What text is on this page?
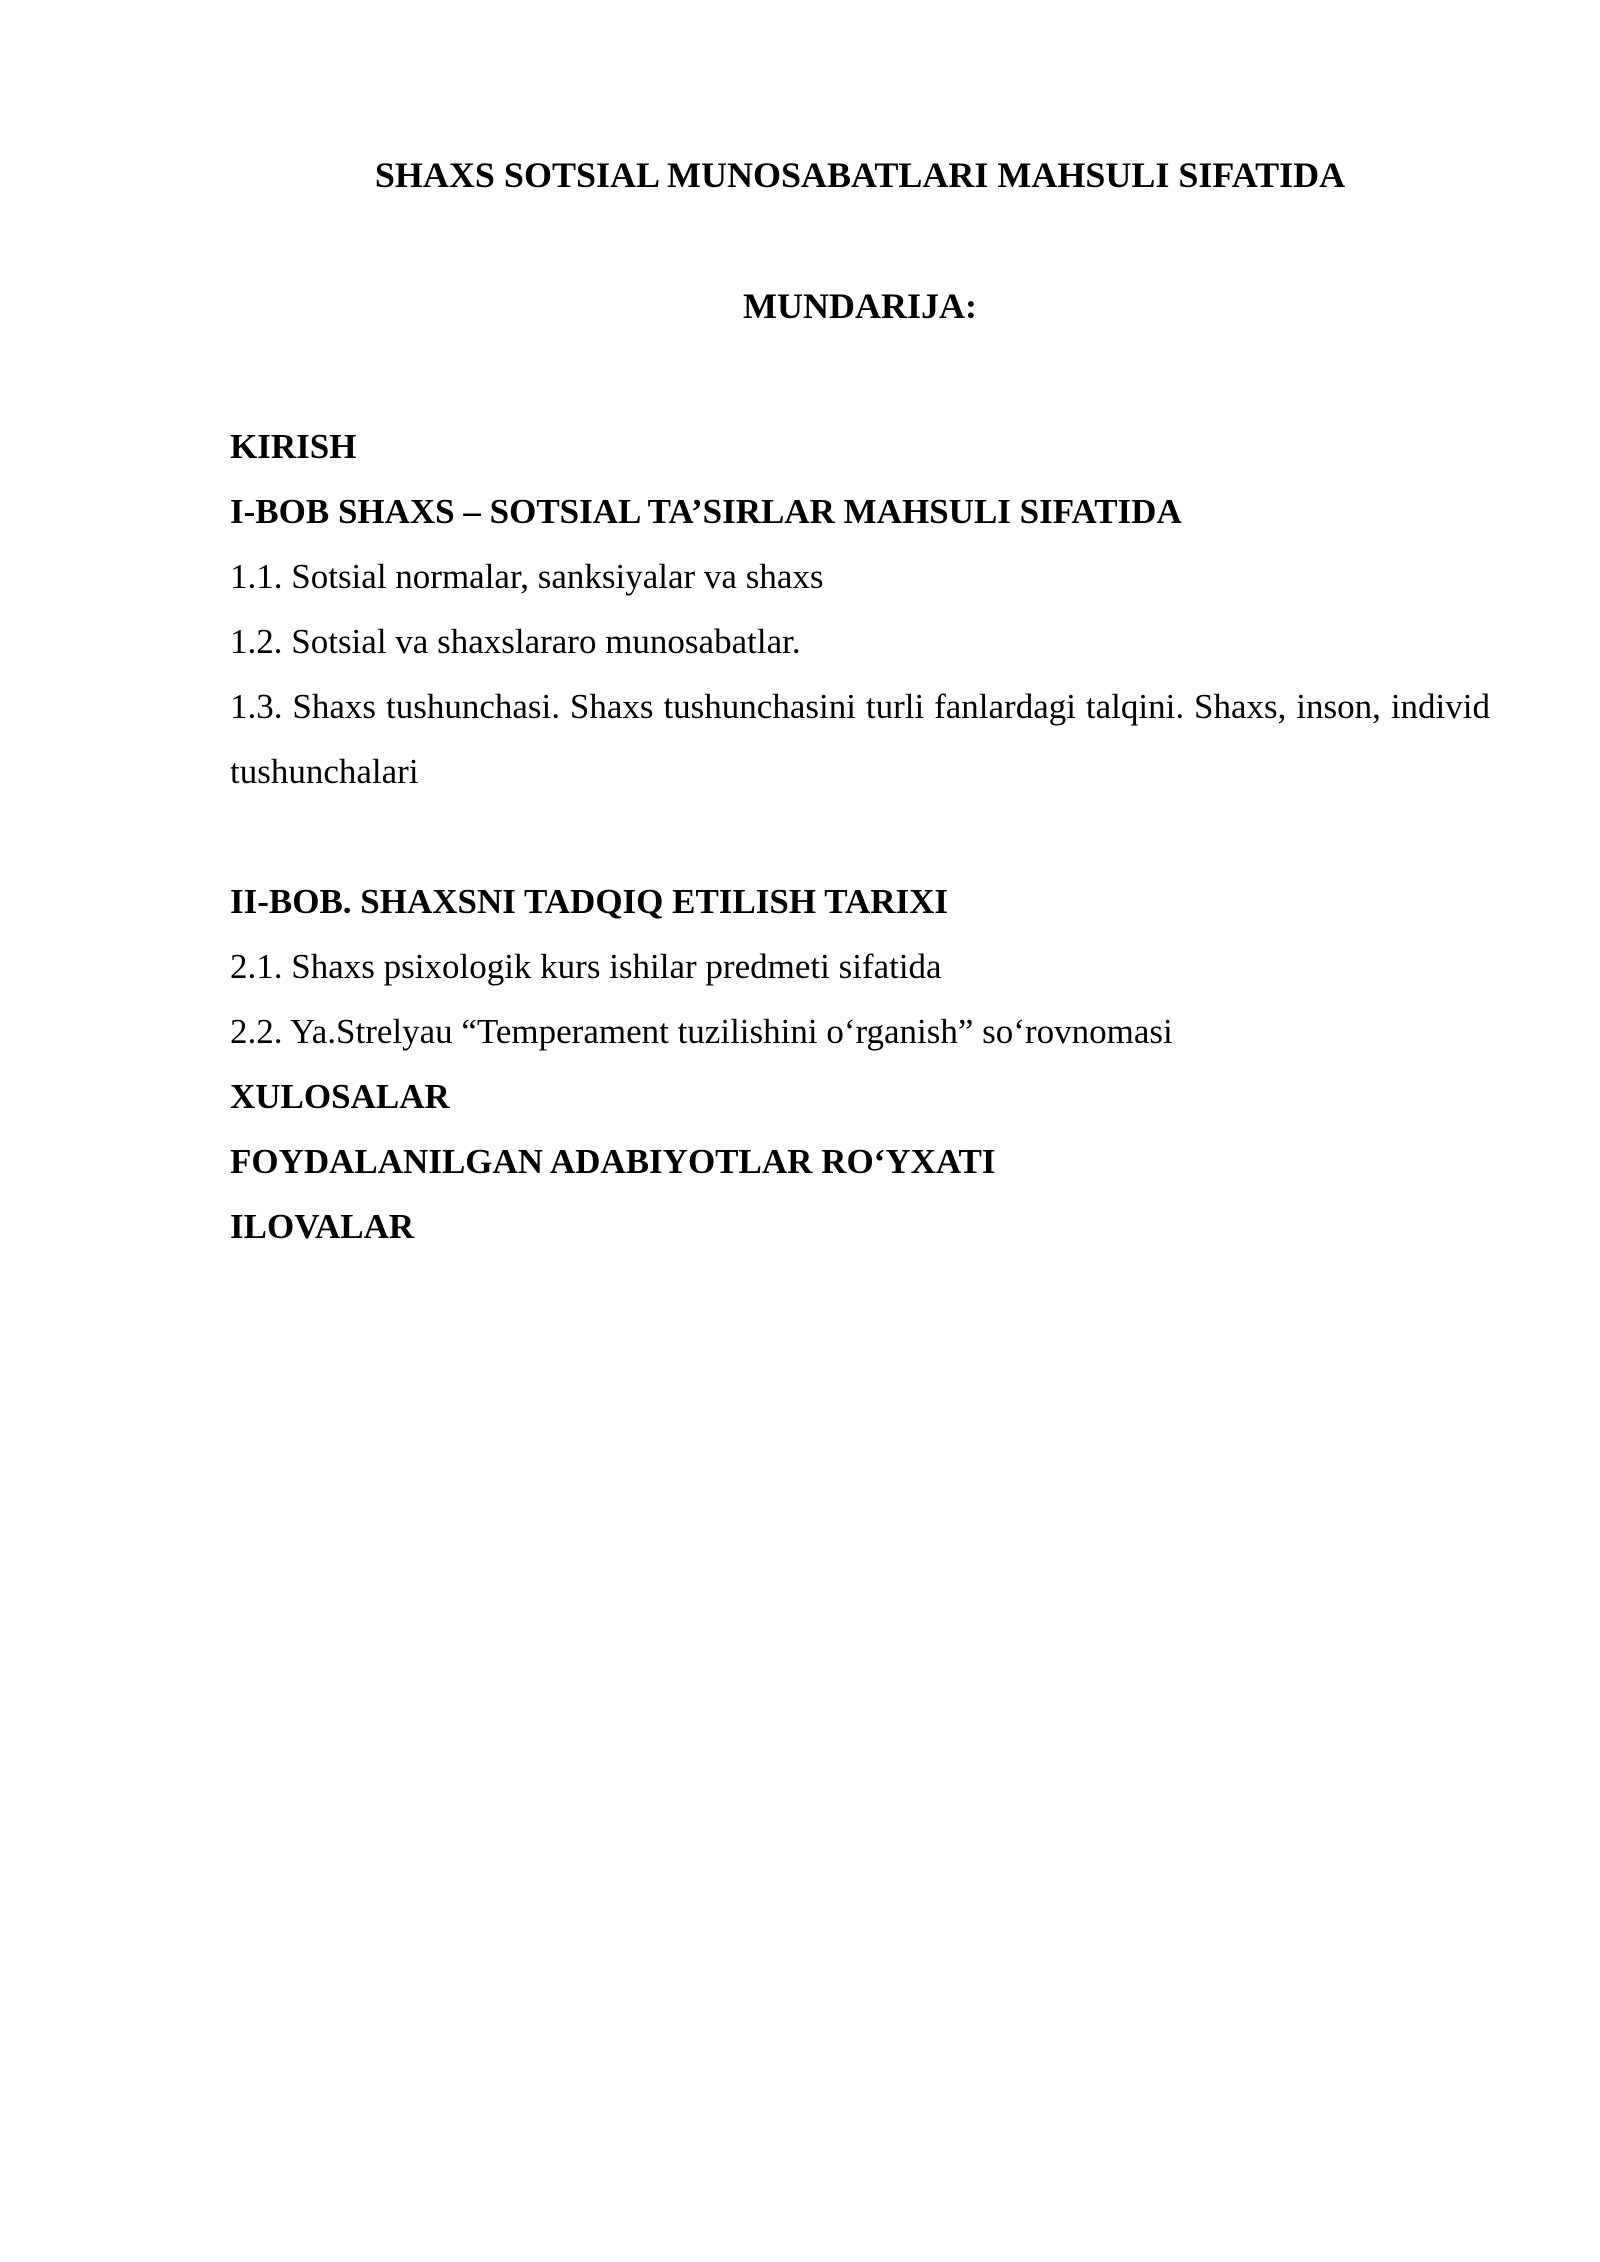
SHAXS SOTSIAL MUNOSABATLARI MAHSULI SIFATIDA
MUNDARIJA:
KIRISH
I-BOB SHAXS – SOTSIAL TA’SIRLAR MAHSULI SIFATIDA
1.1. Sotsial normalar, sanksiyalar va shaxs
1.2. Sotsial va shaxslararo munosabatlar.
1.3. Shaxs tushunchasi. Shaxs tushunchasini turli fanlardagi talqini. Shaxs, inson, individ tushunchalari
II-BOB. SHAXSNI TADQIQ ETILISH TARIXI
2.1. Shaxs psixologik kurs ishilar predmeti sifatida
2.2. Ya.Strelyau “Temperament tuzilishini o‘rganish” so‘rovnomasi
XULOSALAR
FOYDALANILGAN ADABIYOTLAR RO‘YXATI
ILOVALAR
